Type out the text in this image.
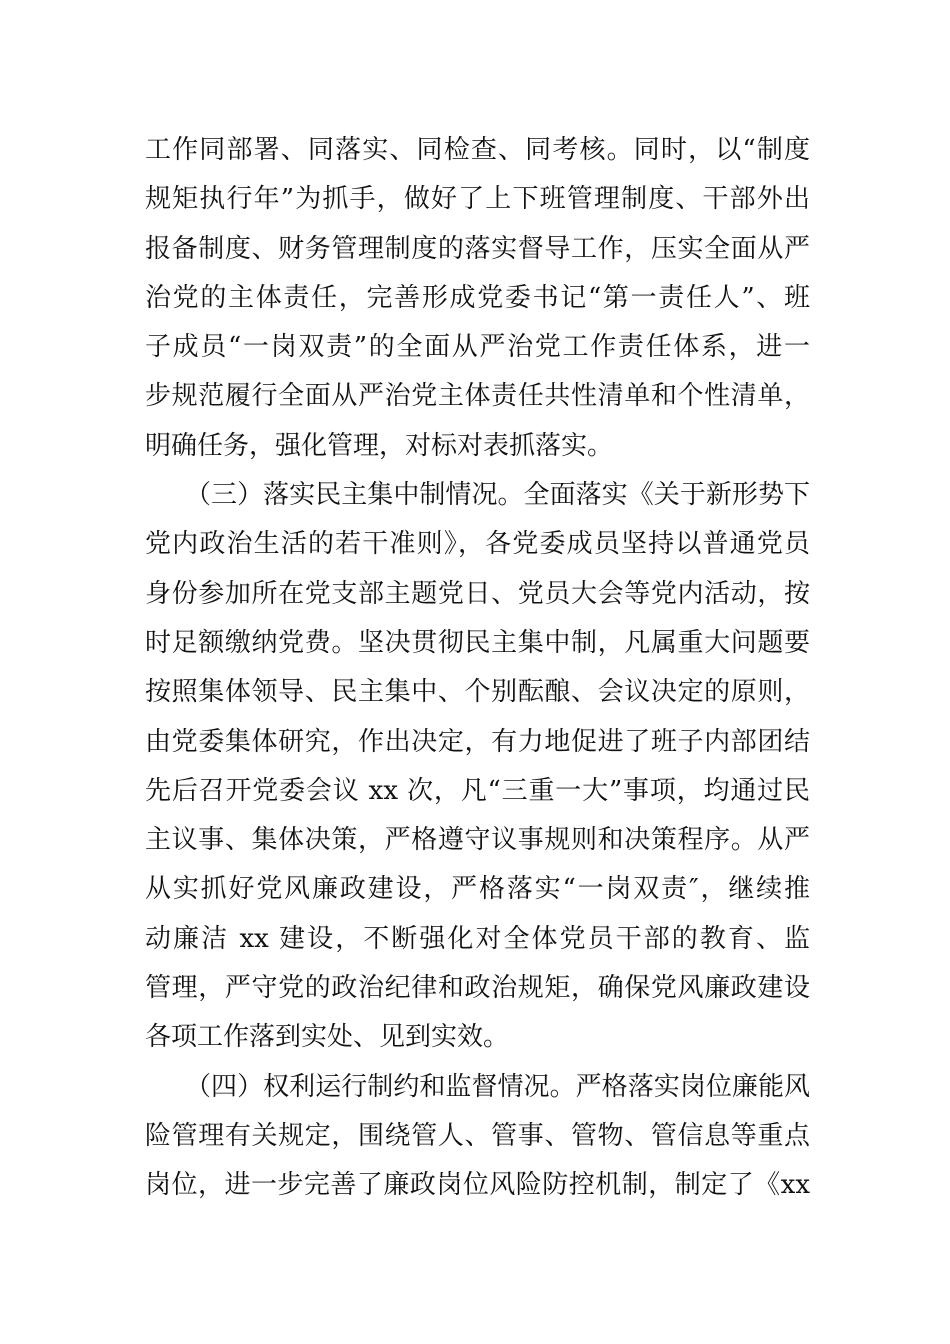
工作同部署、同落实、同检查、同考核。同时，以“制度
规矩执行年”为抓手，做好了上下班管理制度、干部外出
报备制度、财务管理制度的落实督导工作，压实全面从严
治党的主体责任，完善形成党委书记“第一责任人”、班
子成员“一岗双责”的全面从严治党工作责任体系，进一
步规范履行全面从严治党主体责任共性清单和个性清单，
明确任务，强化管理，对标对表抓落实。
（三）落实民主集中制情况。全面落实《关于新形势下
党内政治生活的若干准则》，各党委成员坚持以普通党员
身份参加所在党支部主题党日、党员大会等党内活动，按
时足额缴纳党费。坚决贯彻民主集中制，凡属重大问题要
按照集体领导、民主集中、个别酝酿、会议决定的原则，
由党委集体研究，作出决定，有力地促进了班子内部团结
先后召开党委会议 xx 次，凡“三重一大”事项，均通过民
主议事、集体决策，严格遵守议事规则和决策程序。从严
从实抓好党风廉政建设，严格落实“一岗双责″，继续推
动廉洁 xx 建设，不断强化对全体党员干部的教育、监
管理，严守党的政治纪律和政治规矩，确保党风廉政建设
各项工作落到实处、见到实效。
（四）权利运行制约和监督情况。严格落实岗位廉能风
险管理有关规定，围绕管人、管事、管物、管信息等重点
岗位，进一步完善了廉政岗位风险防控机制，制定了《xx
